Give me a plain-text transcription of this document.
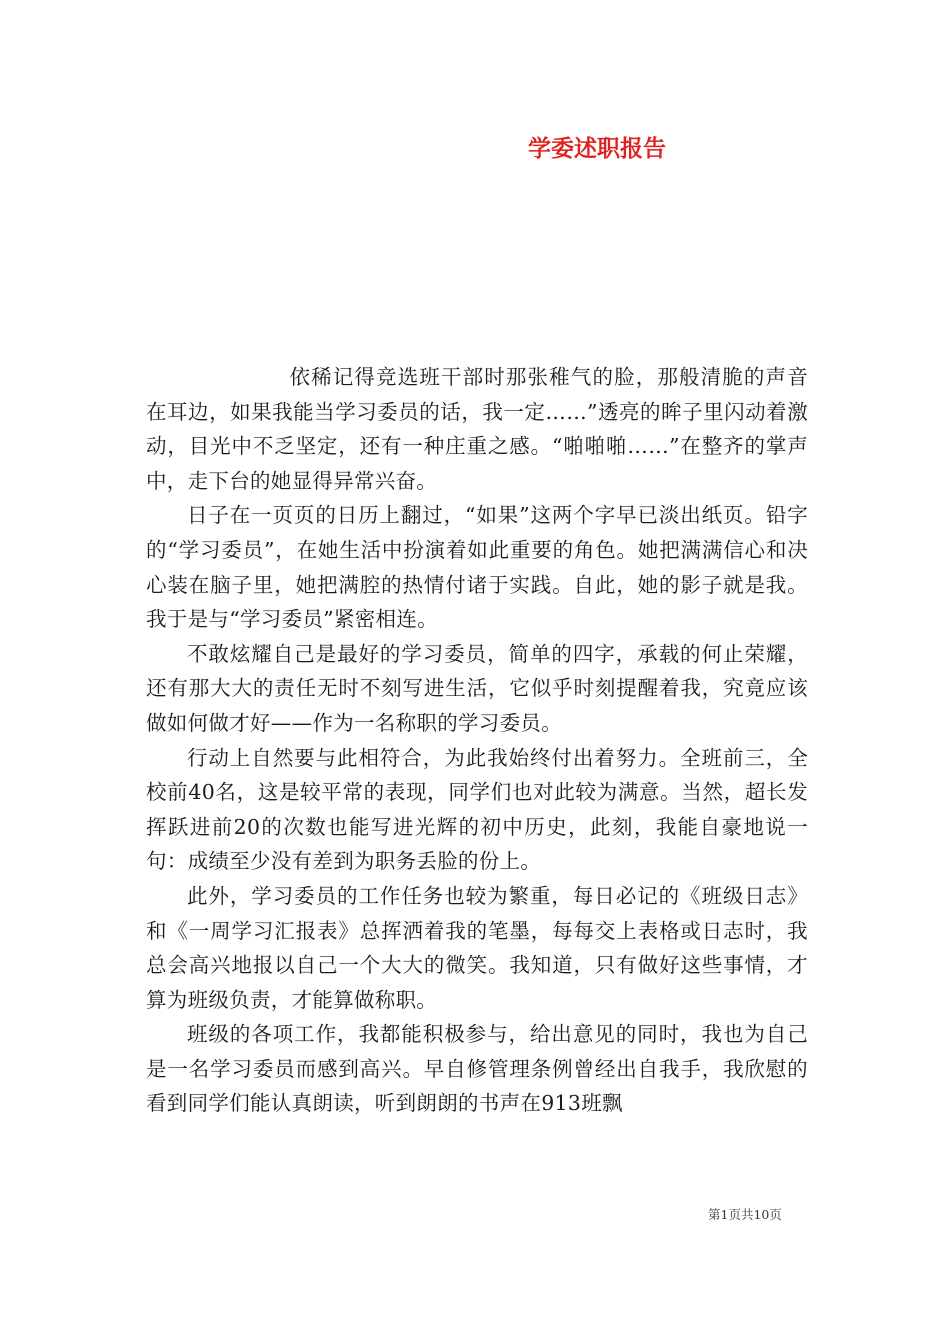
学委述职报告

依稀记得竞选班干部时那张稚气的脸，那般清脆的声音在耳边，如果我能当学习委员的话，我一定……”透亮的眸子里闪动着激动，目光中不乏坚定，还有一种庄重之感。“啪啪啪……”在整齐的掌声中，走下台的她显得异常兴奋。

日子在一页页的日历上翻过，“如果”这两个字早已淡出纸页。铅字的“学习委员”，在她生活中扮演着如此重要的角色。她把满满信心和决心装在脑子里，她把满腔的热情付诸于实践。自此，她的影子就是我。我于是与“学习委员”紧密相连。

不敢炫耀自己是最好的学习委员，简单的四字，承载的何止荣耀，还有那大大的责任无时不刻写进生活，它似乎时刻提醒着我，究竟应该做如何做才好——作为一名称职的学习委员。

行动上自然要与此相符合，为此我始终付出着努力。全班前三，全校前40名，这是较平常的表现，同学们也对此较为满意。当然，超长发挥跃进前20的次数也能写进光辉的初中历史，此刻，我能自豪地说一句：成绩至少没有差到为职务丢脸的份上。

此外，学习委员的工作任务也较为繁重，每日必记的《班级日志》和《一周学习汇报表》总挥洒着我的笔墨，每每交上表格或日志时，我总会高兴地报以自己一个大大的微笑。我知道，只有做好这些事情，才算为班级负责，才能算做称职。

班级的各项工作，我都能积极参与，给出意见的同时，我也为自己是一名学习委员而感到高兴。早自修管理条例曾经出自我手，我欣慰的看到同学们能认真朗读，听到朗朗的书声在913班飘

第1页共10页
